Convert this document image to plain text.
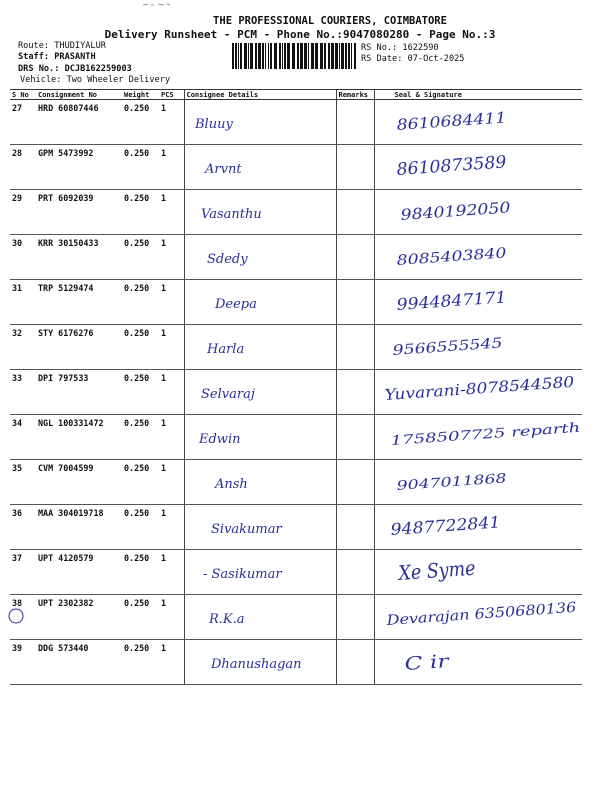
THE PROFESSIONAL COURIERS, COIMBATORE
Delivery Runsheet - PCM - Phone No.:9047080280 - Page No.:3
Route: THUDIYALUR
Staff: PRASANTH
DRS No.: DCJB162259003
Vehicle: Two Wheeler Delivery
RS No.: 1622590
RS Date: 07-Oct-2025
S No	Consignment No	Weight	PCS	Consignee Details	Remarks	Seal & Signature
27	HRD 60807446	0.250	1	Bluuy		8610684411

28	GPM 5473992	0.250	1	Arvnt		8610873589

29	PRT 6092039	0.250	1	Vasanthu		9840192050

30	KRR 30150433	0.250	1	Sdedy		8085403840

31	TRP 5129474	0.250	1	Deepa		9944847171

32	STY 6176276	0.250	1	Harla		9566555545

33	DPI 797533	0.250	1	Selvaraj		Yuvarani-8078544580

34	NGL 100331472	0.250	1	Edwin		1758507725 reparth

35	CVM 7004599	0.250	1	Ansh		9047011868

36	MAA 304019718	0.250	1	Sivakumar		9487722841

37	UPT 4120579	0.250	1	- Sasikumar		Xe Syme

38	UPT 2302382	0.250	1	R.K.a		Devarajan 6350680136

39	DDG 573440	0.250	1	Dhanushagan		C ir
